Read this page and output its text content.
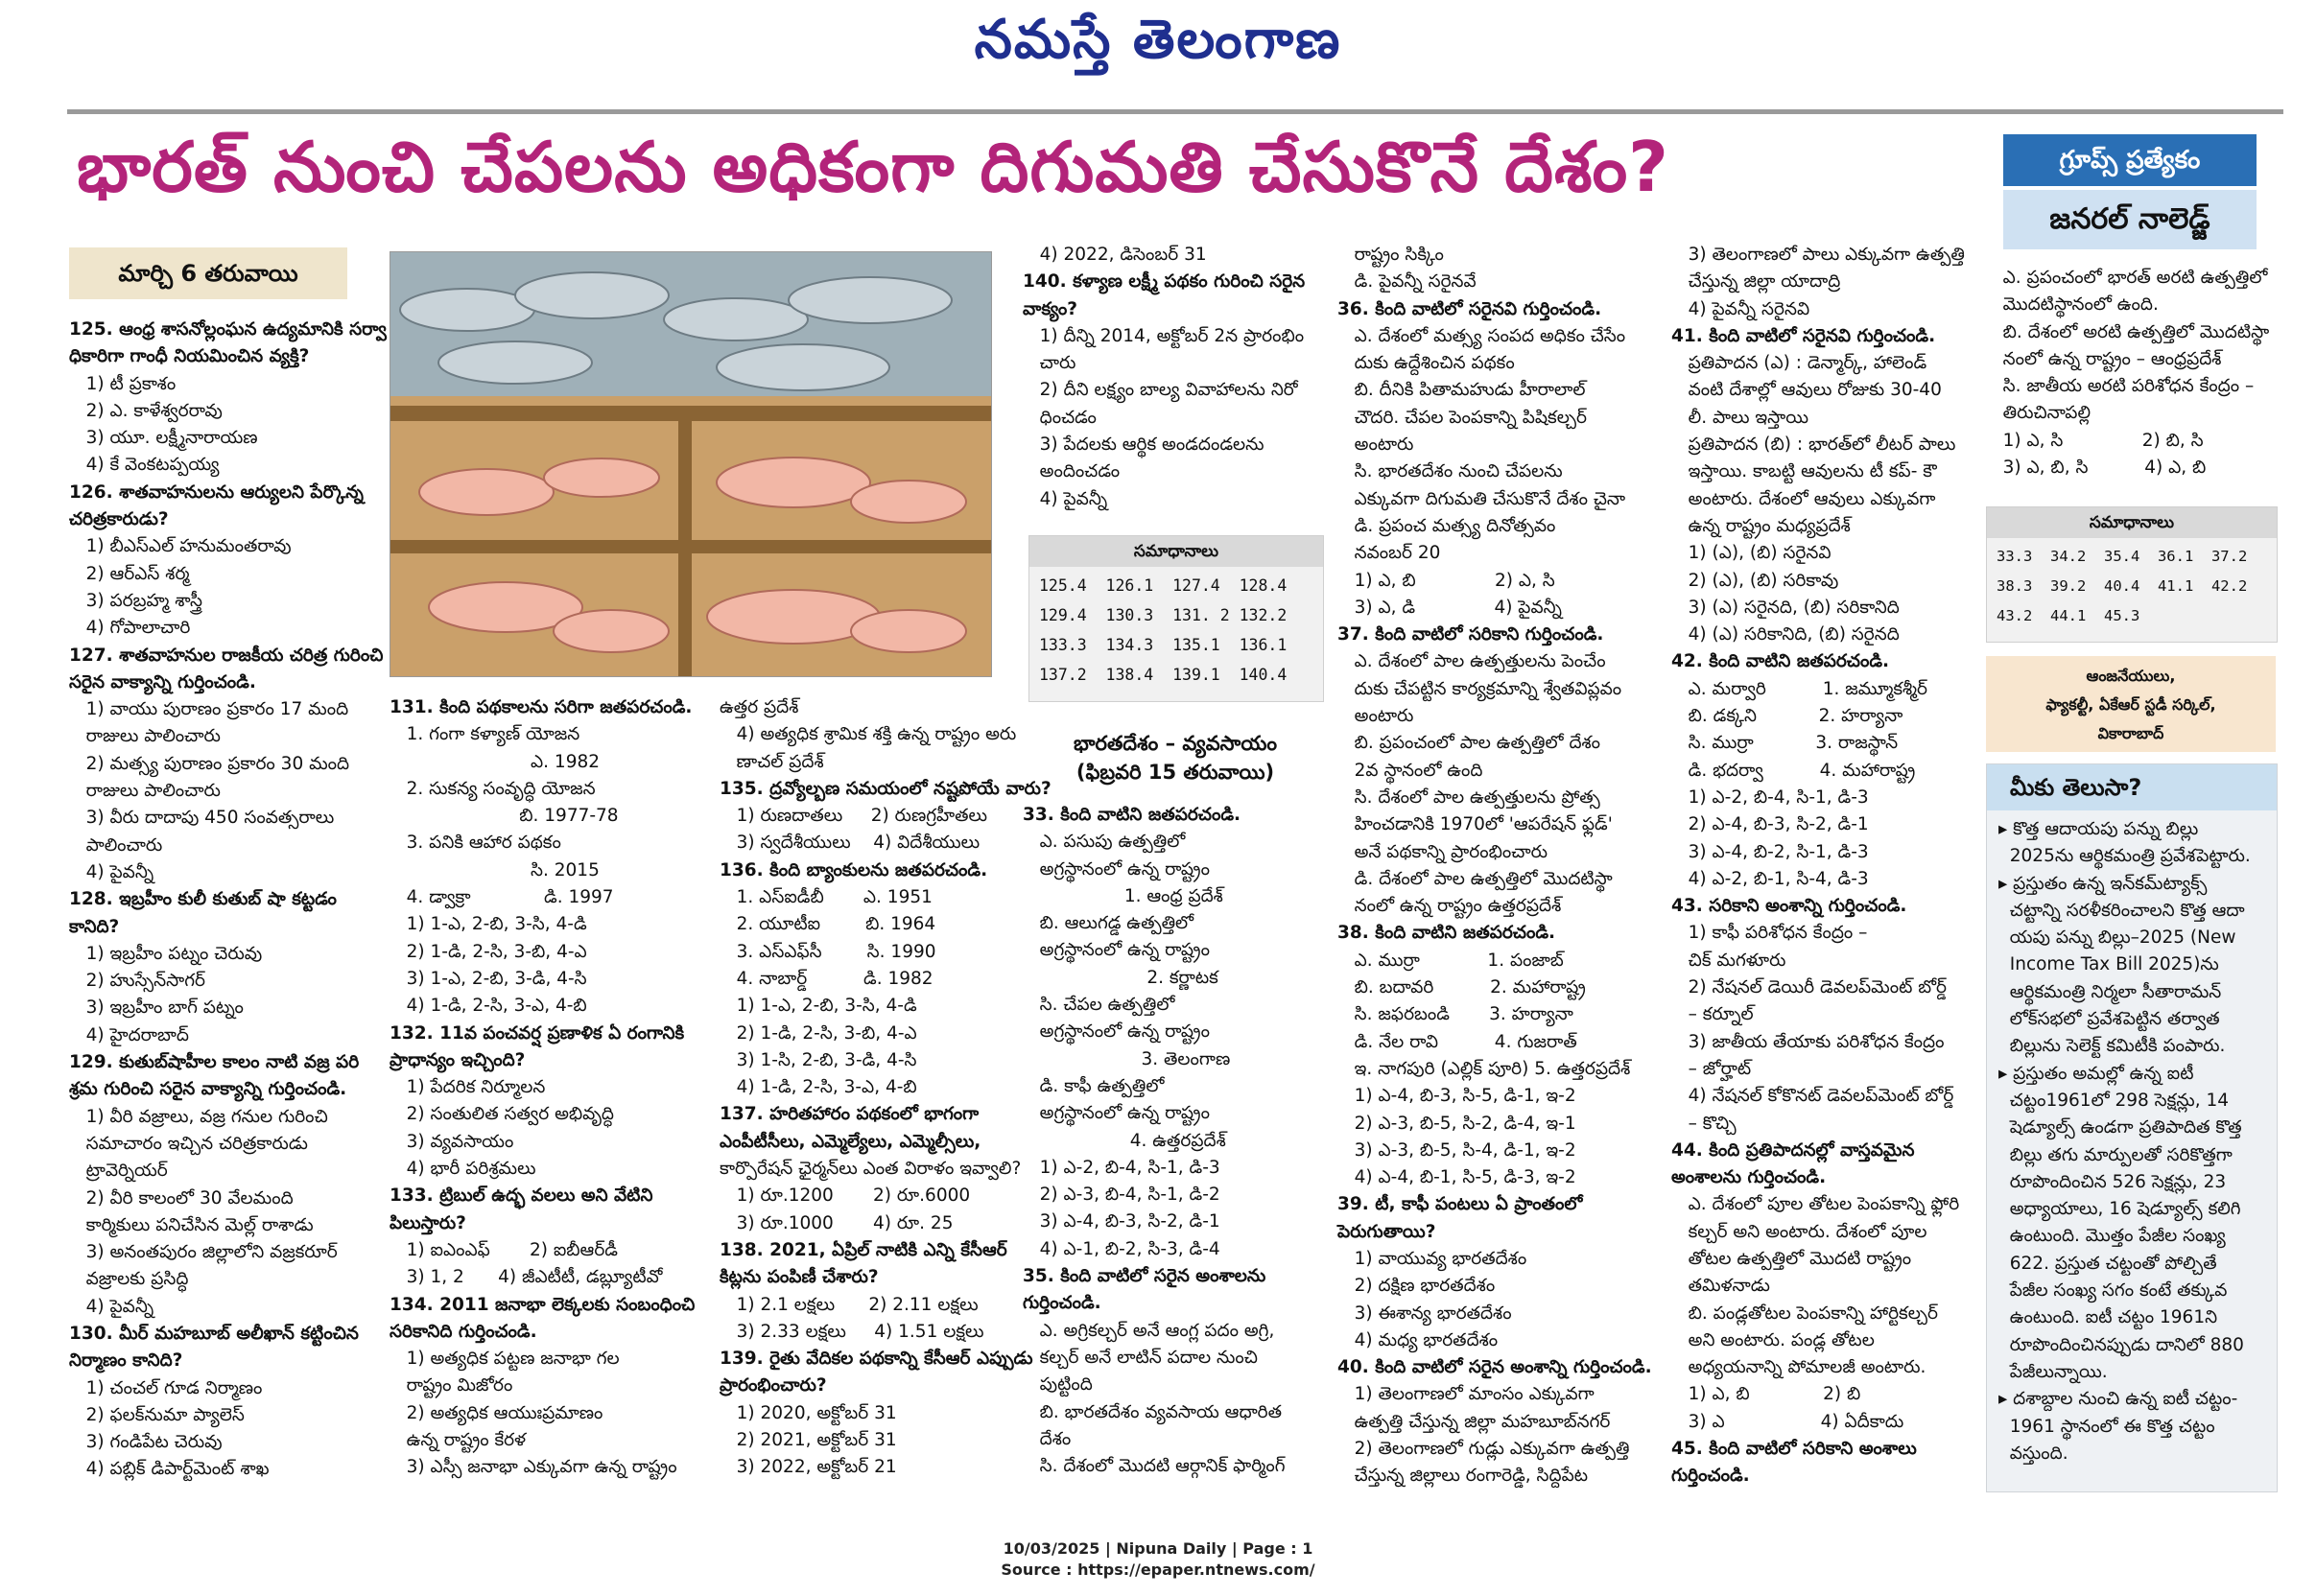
నమస్తే తెలంగాణ
భారత్‌ నుంచి చేపలను అధికంగా దిగుమతి చేసుకొనే దేశం?	గ్రూప్స్‌ ప్రత్యేకం
జనరల్‌ నాలెడ్జ్‌
మార్చి 6 తరువాయి

125. ఆంధ్ర శాసనోల్లంఘన ఉద్యమానికి సర్వా

ధికారిగా గాంధీ నియమించిన వ్యక్తి?

1) టీ ప్రకాశం

2) ఎ. కాళేశ్వరరావు

3) యూ. లక్ష్మీనారాయణ

4) కే వెంకటప్పయ్య

126. శాతవాహనులను ఆర్యులని పేర్కొన్న

చరిత్రకారుడు?

1) బీఎస్‌ఎల్‌ హనుమంతరావు

2) ఆర్‌ఎస్‌ శర్మ

3) పరబ్రహ్మ శాస్త్రీ

4) గోపాలాచారి

127. శాతవాహనుల రాజకీయ చరిత్ర గురించి

సరైన వాక్యాన్ని గుర్తించండి.

1) వాయు పురాణం ప్రకారం 17 మంది

రాజులు పాలించారు

2) మత్స్య పురాణం ప్రకారం 30 మంది

రాజులు పాలించారు

3) వీరు దాదాపు 450 సంవత్సరాలు

పాలించారు

4) పైవన్నీ

128. ఇబ్రహీం కులీ కుతుబ్‌ షా కట్టడం

కానిది?

1) ఇబ్రహీం పట్నం చెరువు

2) హుస్సేన్‌సాగర్‌

3) ఇబ్రహీం బాగ్‌ పట్నం

4) హైదరాబాద్‌

129. కుతుబ్‌షాహీల కాలం నాటి వజ్ర పరి

శ్రమ గురించి సరైన వాక్యాన్ని గుర్తించండి.

1) వీరి వజ్రాలు, వజ్ర గనుల గురించి

సమాచారం ఇచ్చిన చరిత్రకారుడు

ట్రావెర్నియర్‌

2) వీరి కాలంలో 30 వేలమంది

కార్మికులు పనిచేసిన మెల్ల్‌ రాశాడు

3) అనంతపురం జిల్లాలోని వజ్రకరూర్‌

వజ్రాలకు ప్రసిద్ధి

4) పైవన్నీ

130. మీర్‌ మహబూబ్‌ అలీఖాన్‌ కట్టించిన

నిర్మాణం కానిది?

1) చంచల్‌ గూడ నిర్మాణం

2) ఫలక్‌నుమా ప్యాలెస్‌

3) గండిపేట చెరువు

4) పబ్లిక్‌ డిపార్ట్‌మెంట్‌ శాఖ

131. కింది పథకాలను సరిగా జతపరచండి.

1. గంగా కళ్యాణ్‌ యోజన

ఎ. 1982

2. సుకన్య సంవృద్ధి యోజన

బి. 1977-78

3. పనికి ఆహార పథకం

సి. 2015

4. డ్వాక్రా             డి. 1997

1) 1-ఎ, 2-బి, 3-సి, 4-డి

2) 1-డి, 2-సి, 3-బి, 4-ఎ

3) 1-ఎ, 2-బి, 3-డి, 4-సి

4) 1-డి, 2-సి, 3-ఎ, 4-బి

132. 11వ పంచవర్ష ప్రణాళిక ఏ రంగానికి

ప్రాధాన్యం ఇచ్చింది?

1) పేదరిక నిర్మూలన

2) సంతులిత సత్వర అభివృద్ధి

3) వ్యవసాయం

4) భారీ పరిశ్రమలు

133. ట్రిబుల్‌ ఉద్భ వలలు అని వేటిని

పిలుస్తారు?

1) ఐఎంఎఫ్‌       2) ఐబీఆర్‌డీ

3) 1, 2      4) జీఎటీటీ, డబ్ల్యూటీవో

134. 2011 జనాభా లెక్కలకు సంబంధించి

సరికానిది గుర్తించండి.

1) అత్యధిక పట్టణ జనాభా గల

రాష్ట్రం మిజోరం

2) అత్యధిక ఆయుఃప్రమాణం

ఉన్న రాష్ట్రం కేరళ

3) ఎస్సీ జనాభా ఎక్కువగా ఉన్న రాష్ట్రం

ఉత్తర ప్రదేశ్‌

4) అత్యధిక శ్రామిక శక్తి ఉన్న రాష్ట్రం అరు

ణాచల్‌ ప్రదేశ్‌

135. ద్రవ్యోల్బణ సమయంలో నష్టపోయే వారు?

1) రుణదాతలు     2) రుణగ్రహీతలు

3) స్వదేశీయులు    4) విదేశీయులు

136. కింది బ్యాంకులను జతపరచండి.

1. ఎస్‌ఐడీబీ       ఎ. 1951

2. యూటీఐ        బి. 1964

3. ఎస్‌ఎఫ్‌సీ        సి. 1990

4. నాబార్డ్‌          డి. 1982

1) 1-ఎ, 2-బి, 3-సి, 4-డి

2) 1-డి, 2-సి, 3-బి, 4-ఎ

3) 1-సి, 2-బి, 3-డి, 4-సి

4) 1-డి, 2-సి, 3-ఎ, 4-బి

137. హరితహారం పథకంలో భాగంగా

ఎంపీటీసీలు, ఎమ్మెల్యేలు, ఎమ్మెల్సీలు,

కార్పొరేషన్‌ ఛైర్మన్‌లు ఎంత విరాళం ఇవ్వాలి?

1) రూ.1200       2) రూ.6000

3) రూ.1000       4) రూ. 25

138. 2021, ఏప్రిల్‌ నాటికి ఎన్ని కేసీఆర్‌

కిట్లను పంపిణీ చేశారు?

1) 2.1 లక్షలు      2) 2.11 లక్షలు

3) 2.33 లక్షలు     4) 1.51 లక్షలు

139. రైతు వేదికల పథకాన్ని కేసీఆర్‌ ఎప్పుడు

ప్రారంభించారు?

1) 2020, అక్టోబర్‌ 31

2) 2021, అక్టోబర్‌ 31

3) 2022, అక్టోబర్‌ 21

4) 2022, డిసెంబర్‌ 31

140. కళ్యాణ లక్ష్మీ పథకం గురించి సరైన

వాక్యం?

1) దీన్ని 2014, అక్టోబర్‌ 2న ప్రారంభిం

చారు

2) దీని లక్ష్యం బాల్య వివాహాలను నిరో

ధించడం

3) పేదలకు ఆర్థిక అండదండలను

అందించడం

4) పైవన్నీ

సమాధానాలు
125.4  126.1  127.4  128.4
129.4  130.3  131. 2 132.2
133.3  134.3  135.1  136.1
137.2  138.4  139.1  140.4
భారతదేశం – వ్యవసాయం
(ఫిబ్రవరి 15 తరువాయి)

33. కింది వాటిని జతపరచండి.

ఎ. పసుపు ఉత్పత్తిలో

అగ్రస్థానంలో ఉన్న రాష్ట్రం

1. ఆంధ్ర ప్రదేశ్‌

బి. ఆలుగడ్డ ఉత్పత్తిలో

అగ్రస్థానంలో ఉన్న రాష్ట్రం

2. కర్ణాటక

సి. చేపల ఉత్పత్తిలో

అగ్రస్థానంలో ఉన్న రాష్ట్రం

3. తెలంగాణ

డి. కాఫీ ఉత్పత్తిలో

అగ్రస్థానంలో ఉన్న రాష్ట్రం

4. ఉత్తరప్రదేశ్‌

1) ఎ-2, బి-4, సి-1, డి-3

2) ఎ-3, బి-4, సి-1, డి-2

3) ఎ-4, బి-3, సి-2, డి-1

4) ఎ-1, బి-2, సి-3, డి-4

35. కింది వాటిలో సరైన అంశాలను

గుర్తించండి.

ఎ. అగ్రికల్చర్‌ అనే ఆంగ్ల పదం అగ్రి,

కల్చర్‌ అనే లాటిన్‌ పదాల నుంచి

పుట్టింది

బి. భారతదేశం వ్యవసాయ ఆధారిత

దేశం

సి. దేశంలో మొదటి ఆర్గానిక్‌ ఫార్మింగ్‌

రాష్ట్రం సిక్కిం

డి. పైవన్నీ సరైనవే

36. కింది వాటిలో సరైనవి గుర్తించండి.

ఎ. దేశంలో మత్స్య సంపద అధికం చేసేం

దుకు ఉద్దేశించిన పథకం

బి. దీనికి పితామహుడు హీరాలాల్‌

చౌదరి. చేపల పెంపకాన్ని పిషికల్చర్‌

అంటారు

సి. భారతదేశం నుంచి చేపలను

ఎక్కువగా దిగుమతి చేసుకొనే దేశం చైనా

డి. ప్రపంచ మత్స్య దినోత్సవం

నవంబర్‌ 20

1) ఎ, బి              2) ఎ, సి

3) ఎ, డి              4) పైవన్నీ

37. కింది వాటిలో సరికాని గుర్తించండి.

ఎ. దేశంలో పాల ఉత్పత్తులను పెంచేం

దుకు చేపట్టిన కార్యక్రమాన్ని శ్వేతవిప్లవం

అంటారు

బి. ప్రపంచంలో పాల ఉత్పత్తిలో దేశం

2వ స్థానంలో ఉంది

సి. దేశంలో పాల ఉత్పత్తులను ప్రోత్స

హించడానికి 1970లో 'ఆపరేషన్‌ ఫ్లడ్‌'

అనే పథకాన్ని ప్రారంభించారు

డి. దేశంలో పాల ఉత్పత్తిలో మొదటిస్థా

నంలో ఉన్న రాష్ట్రం ఉత్తరప్రదేశ్‌

38. కింది వాటిని జతపరచండి.

ఎ. ముర్రా            1. పంజాబ్‌

బి. బదావరి          2. మహారాష్ట్ర

సి. జఫరబండి       3. హర్యానా

డి. నేల రావి          4. గుజరాత్‌

ఇ. నాగపురి (ఎల్లిక్‌ పూరి) 5. ఉత్తరప్రదేశ్‌

1) ఎ-4, బి-3, సి-5, డి-1, ఇ-2

2) ఎ-3, బి-5, సి-2, డి-4, ఇ-1

3) ఎ-3, బి-5, సి-4, డి-1, ఇ-2

4) ఎ-4, బి-1, సి-5, డి-3, ఇ-2

39. టీ, కాఫీ పంటలు ఏ ప్రాంతంలో

పెరుగుతాయి?

1) వాయువ్య భారతదేశం

2) దక్షిణ భారతదేశం

3) ఈశాన్య భారతదేశం

4) మధ్య భారతదేశం

40. కింది వాటిలో సరైన అంశాన్ని గుర్తించండి.

1) తెలంగాణలో మాంసం ఎక్కువగా

ఉత్పత్తి చేస్తున్న జిల్లా మహబూబ్‌నగర్‌

2) తెలంగాణలో గుడ్లు ఎక్కువగా ఉత్పత్తి

చేస్తున్న జిల్లాలు రంగారెడ్డి, సిద్దిపేట

3) తెలంగాణలో పాలు ఎక్కువగా ఉత్పత్తి

చేస్తున్న జిల్లా యాదాద్రి

4) పైవన్నీ సరైనవి

41. కింది వాటిలో సరైనవి గుర్తించండి.

ప్రతిపాదన (ఎ) : డెన్మార్క్‌, హాలెండ్‌

వంటి దేశాల్లో ఆవులు రోజుకు 30-40

లీ. పాలు ఇస్తాయి

ప్రతిపాదన (బి) : భారత్‌లో లీటర్‌ పాలు

ఇస్తాయి. కాబట్టి ఆవులను టీ కప్‌- కౌ

అంటారు. దేశంలో ఆవులు ఎక్కువగా

ఉన్న రాష్ట్రం మధ్యప్రదేశ్‌

1) (ఎ), (బి) సరైనవి

2) (ఎ), (బి) సరికావు

3) (ఎ) సరైనది, (బి) సరికానిది

4) (ఎ) సరికానిది, (బి) సరైనది

42. కింది వాటిని జతపరచండి.

ఎ. మర్వారి          1. జమ్మూకశ్మీర్‌

బి. డక్కని           2. హర్యానా

సి. ముర్రా           3. రాజస్థాన్‌

డి. భదర్వా          4. మహారాష్ట్ర

1) ఎ-2, బి-4, సి-1, డి-3

2) ఎ-4, బి-3, సి-2, డి-1

3) ఎ-4, బి-2, సి-1, డి-3

4) ఎ-2, బి-1, సి-4, డి-3

43. సరికాని అంశాన్ని గుర్తించండి.

1) కాఫీ పరిశోధన కేంద్రం –

చిక్‌ మగళూరు

2) నేషనల్‌ డెయిరీ డెవలప్‌మెంట్‌ బోర్డ్‌

– కర్నూల్‌

3) జాతీయ తేయాకు పరిశోధన కేంద్రం

– జోర్హాట్‌

4) నేషనల్‌ కోకొనట్‌ డెవలప్‌మెంట్‌ బోర్డ్‌

– కొచ్చి

44. కింది ప్రతిపాదనల్లో వాస్తవమైన

అంశాలను గుర్తించండి.

ఎ. దేశంలో పూల తోటల పెంపకాన్ని ఫ్లోరి

కల్చర్‌ అని అంటారు. దేశంలో పూల

తోటల ఉత్పత్తిలో మొదటి రాష్ట్రం

తమిళనాడు

బి. పండ్లతోటల పెంపకాన్ని హార్టికల్చర్‌

అని అంటారు. పండ్ల తోటల

అధ్యయనాన్ని పోమాలజీ అంటారు.

1) ఎ, బి             2) బి

3) ఎ                 4) ఏదీకాదు

45. కింది వాటిలో సరికాని అంశాలు

గుర్తించండి.

ఎ. ప్రపంచంలో భారత్‌ అరటి ఉత్పత్తిలో

మొదటిస్థానంలో ఉంది.

బి. దేశంలో అరటి ఉత్పత్తిలో మొదటిస్థా

నంలో ఉన్న రాష్ట్రం – ఆంధ్రప్రదేశ్‌

సి. జాతీయ అరటి పరిశోధన కేంద్రం –

తిరుచినాపల్లి

1) ఎ, సి              2) బి, సి

3) ఎ, బి, సి          4) ఎ, బి

సమాధానాలు
33.3  34.2  35.4  36.1  37.2
38.3  39.2  40.4  41.1  42.2
43.2  44.1  45.3
ఆంజనేయులు,
ఫ్యాకల్టీ, ఏకేఆర్‌ స్టడీ సర్కిల్‌,
వికారాబాద్‌
మీకు తెలుసా?

▸ కొత్త ఆదాయపు పన్ను బిల్లు

2025ను ఆర్థికమంత్రి ప్రవేశపెట్టారు.

▸ ప్రస్తుతం ఉన్న ఇన్‌కమ్‌ట్యాక్స్‌

చట్టాన్ని సరళీకరించాలని కొత్త ఆదా

యపు పన్ను బిల్లు–2025 (New

Income Tax Bill 2025)ను

ఆర్థికమంత్రి నిర్మలా సీతారామన్‌

లోక్‌సభలో ప్రవేశపెట్టిన తర్వాత

బిల్లును సెలెక్ట్‌ కమిటీకి పంపారు.

▸ ప్రస్తుతం అమల్లో ఉన్న ఐటీ

చట్టం1961లో 298 సెక్షన్లు, 14

షెడ్యూల్స్‌ ఉండగా ప్రతిపాదిత కొత్త

బిల్లు తగు మార్పులతో సరికొత్తగా

రూపొందించిన 526 సెక్షన్లు, 23

అధ్యాయాలు, 16 షెడ్యూల్స్‌ కలిగి

ఉంటుంది. మొత్తం పేజీల సంఖ్య

622. ప్రస్తుత చట్టంతో పోల్చితే

పేజీల సంఖ్య సగం కంటే తక్కువ

ఉంటుంది. ఐటీ చట్టం 1961ని

రూపొందించినప్పుడు దానిలో 880

పేజీలున్నాయి.

▸ దశాబ్దాల నుంచి ఉన్న ఐటీ చట్టం-

1961 స్థానంలో ఈ కొత్త చట్టం

వస్తుంది.

10/03/2025 | Nipuna Daily | Page : 1
Source : https://epaper.ntnews.com/
